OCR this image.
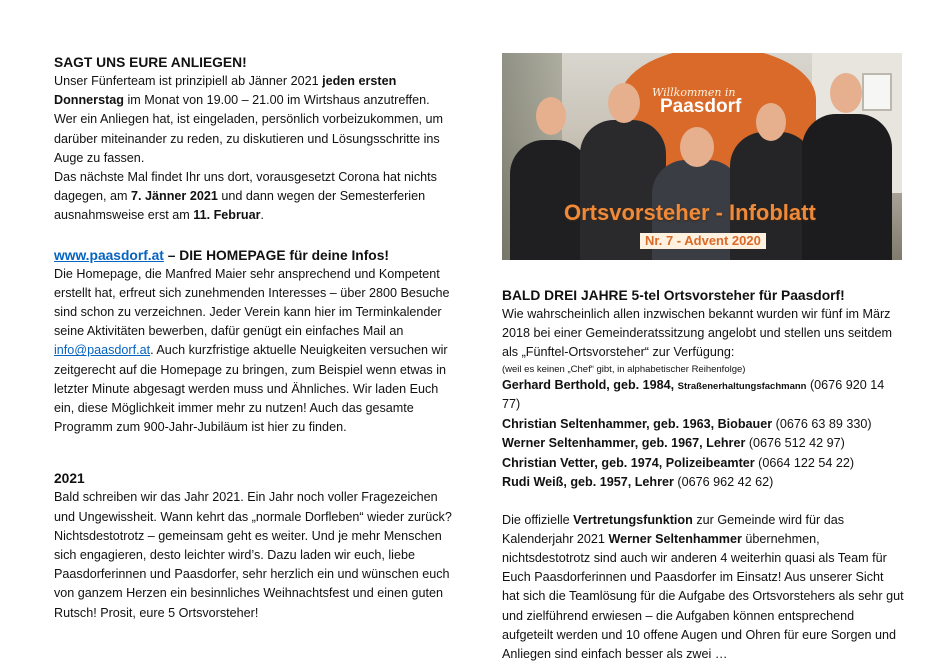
SAGT UNS EURE ANLIEGEN!

Unser Fünferteam ist prinzipiell ab Jänner 2021 jeden ersten Donnerstag im Monat von 19.00 – 21.00 im Wirtshaus anzutreffen. Wer ein Anliegen hat, ist eingeladen, persönlich vorbeizukommen, um darüber miteinander zu reden, zu diskutieren und Lösungsschritte ins Auge zu fassen.

Das nächste Mal findet Ihr uns dort, vorausgesetzt Corona hat nichts dagegen, am 7. Jänner 2021 und dann wegen der Semesterferien ausnahmsweise erst am 11. Februar.

www.paasdorf.at – DIE HOMEPAGE für deine Infos!

Die Homepage, die Manfred Maier sehr ansprechend und Kompetent erstellt hat, erfreut sich zunehmenden Interesses – über 2800 Besuche sind schon zu verzeichnen. Jeder Verein kann hier im Terminkalender seine Aktivitäten bewerben, dafür genügt ein einfaches Mail an info@paasdorf.at. Auch kurzfristige aktuelle Neuigkeiten versuchen wir zeitgerecht auf die Homepage zu bringen, zum Beispiel wenn etwas in letzter Minute abgesagt werden muss und Ähnliches. Wir laden Euch ein, diese Möglichkeit immer mehr zu nutzen! Auch das gesamte Programm zum 900-Jahr-Jubiläum ist hier zu finden.

2021

Bald schreiben wir das Jahr 2021. Ein Jahr noch voller Fragezeichen und Ungewissheit. Wann kehrt das „normale Dorfleben“ wieder zurück? Nichtsdestotrotz – gemeinsam geht es weiter. Und je mehr Menschen sich engagieren, desto leichter wird’s. Dazu laden wir euch, liebe Paasdorferinnen und Paasdorfer, sehr herzlich ein und wünschen euch von ganzem Herzen ein besinnliches Weihnachtsfest und einen guten Rutsch! Prosit, eure 5 Ortsvorsteher!

Willkommen in
Paasdorf
Ortsvorsteher - Infoblatt
Nr. 7 - Advent 2020
BALD DREI JAHRE 5-tel Ortsvorsteher für Paasdorf!

Wie wahrscheinlich allen inzwischen bekannt wurden wir fünf im März 2018 bei einer Gemeinderatssitzung angelobt und stellen uns seitdem als „Fünftel-Ortsvorsteher“ zur Verfügung:

(weil es keinen „Chef“ gibt, in alphabetischer Reihenfolge)

Gerhard Berthold, geb. 1984, Straßenerhaltungsfachmann (0676 920 14 77)

Christian Seltenhammer, geb. 1963, Biobauer (0676 63 89 330)

Werner Seltenhammer, geb. 1967, Lehrer (0676 512 42 97)

Christian Vetter, geb. 1974, Polizeibeamter (0664 122 54 22)

Rudi Weiß, geb. 1957, Lehrer (0676 962 42 62)

Die offizielle Vertretungsfunktion zur Gemeinde wird für das Kalenderjahr 2021 Werner Seltenhammer übernehmen, nichtsdestotrotz sind auch wir anderen 4 weiterhin quasi als Team für Euch Paasdorferinnen und Paasdorfer im Einsatz! Aus unserer Sicht hat sich die Teamlösung für die Aufgabe des Ortsvorstehers als sehr gut und zielführend erwiesen – die Aufgaben können entsprechend aufgeteilt werden und 10 offene Augen und Ohren für eure Sorgen und Anliegen sind einfach besser als zwei …
